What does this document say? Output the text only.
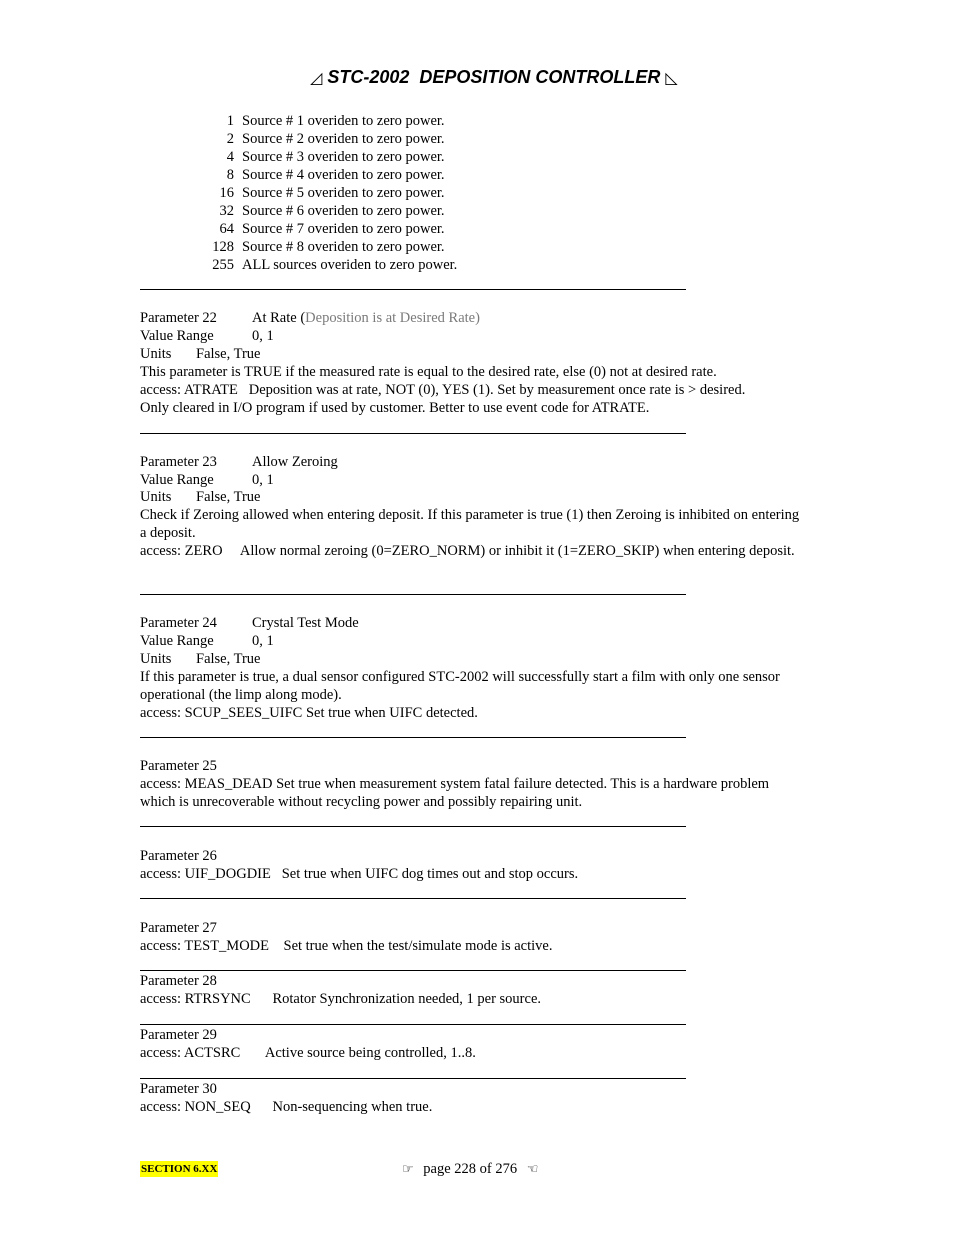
◿ STC-2002  DEPOSITION CONTROLLER ◺
1 Source # 1 overiden to zero power.
2 Source # 2 overiden to zero power.
4 Source # 3 overiden to zero power.
8 Source # 4 overiden to zero power.
16 Source # 5 overiden to zero power.
32 Source # 6 overiden to zero power.
64 Source # 7 overiden to zero power.
128 Source # 8 overiden to zero power.
255 ALL sources overiden to zero power.
Parameter 22 At Rate (Deposition is at Desired Rate)
Value Range	0, 1
Units False, True
This parameter is TRUE if the measured rate is equal to the desired rate, else (0) not at desired rate.
access: ATRATE   Deposition was at rate, NOT (0), YES (1). Set by measurement once rate is > desired.
Only cleared in I/O program if used by customer. Better to use event code for ATRATE.
Parameter 23 Allow Zeroing
Value Range	0, 1
Units False, True
Check if Zeroing allowed when entering deposit. If this parameter is true (1) then Zeroing is inhibited on entering a deposit.
access: ZERO     Allow normal zeroing (0=ZERO_NORM) or inhibit it (1=ZERO_SKIP) when entering deposit.
Parameter 24 Crystal Test Mode
Value Range	0, 1
Units False, True
If this parameter is true, a dual sensor configured STC-2002 will successfully start a film with only one sensor operational (the limp along mode).
access: SCUP_SEES_UIFC Set true when UIFC detected.
Parameter 25
access: MEAS_DEAD Set true when measurement system fatal failure detected. This is a hardware problem which is unrecoverable without recycling power and possibly repairing unit.
Parameter 26
access: UIF_DOGDIE   Set true when UIFC dog times out and stop occurs.
Parameter 27
access: TEST_MODE    Set true when the test/simulate mode is active.
Parameter 28
access: RTRSYNC      Rotator Synchronization needed, 1 per source.
Parameter 29
access: ACTSRC       Active source being controlled, 1..8.
Parameter 30
access: NON_SEQ      Non-sequencing when true.
SECTION 6.XX	☞ page 228 of 276 ☜
